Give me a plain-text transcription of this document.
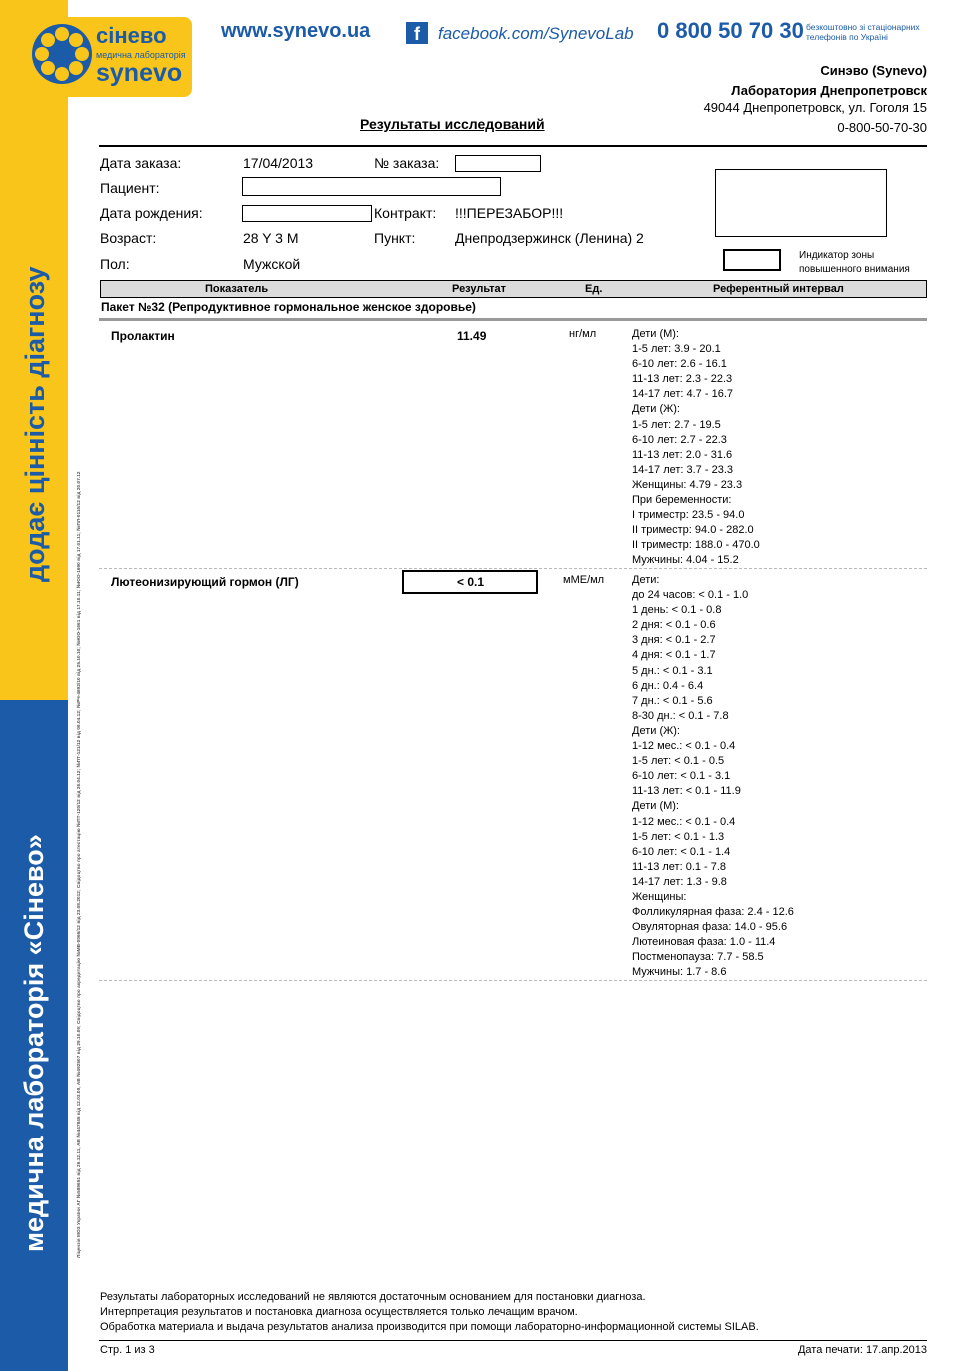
додає цінність діагнозу
медична лабораторія «Сінево»	Ліцензія МОЗ України АГ №589651 від 26.12.11, АВ №447845 від 12.03.09, АВ №492507 від 29.10.09; Свідоцтво про акредитацію №МВ-0066/12 від 23.08.2012; Свідоцтво про атестацію №ПТ-120/12 від 26.04.12; №ПТ-121/12 від 06.04.12; №РЧ-4692/10 від 25.10.10; №ЮО-1661 від 17.10.11; №ЮО-1690 від 17.01.11; №ПЛ-0110/12 від 20.07.12
сінево
медична лабораторія
synevo
www.synevo.ua	f	facebook.com/SynevoLab 0 800 50 70 30 безкоштовно зі стаціонарних телефонів по Україні
Синэво (Synevo)
Лаборатория Днепропетровск
49044 Днепропетровск, ул. Гоголя 15
0-800-50-70-30
Результаты исследований
Дата заказа:	17/04/2013	№ заказа:
Пациент:
Дата рождения:	Контракт: !!!ПЕРЕЗАБОР!!!
Возраст:	28 Y 3 M	Пункт:	Днепродзержинск (Ленина) 2
Пол:	Мужской
Индикатор зоны повышенного внимания
Показатель	Результат	Ед.	Референтный интервал
Пакет №32 (Репродуктивное гормональное женское здоровье)
Пролактин	11.49	нг/мл	Дети (М):
1-5 лет: 3.9 - 20.1
6-10 лет: 2.6 - 16.1
11-13 лет: 2.3 - 22.3
14-17 лет: 4.7 - 16.7
Дети (Ж):
1-5 лет: 2.7 - 19.5
6-10 лет: 2.7 - 22.3
11-13 лет: 2.0 - 31.6
14-17 лет: 3.7 - 23.3
Женщины: 4.79 - 23.3
При беременности:
I триместр: 23.5 - 94.0
II триместр: 94.0 - 282.0
II триместр: 188.0 - 470.0
Мужчины: 4.04 - 15.2
Лютеонизирующий гормон (ЛГ)	< 0.1	мМЕ/мл	Дети:
до 24 часов: < 0.1 - 1.0
1 день: < 0.1 - 0.8
2 дня: < 0.1 - 0.6
3 дня: < 0.1 - 2.7
4 дня: < 0.1 - 1.7
5 дн.: < 0.1 - 3.1
6 дн.: 0.4 - 6.4
7 дн.: < 0.1 - 5.6
8-30 дн.: < 0.1 - 7.8
Дети (Ж):
1-12 мес.: < 0.1 - 0.4
1-5 лет: < 0.1 - 0.5
6-10 лет: < 0.1 - 3.1
11-13 лет: < 0.1 - 11.9
Дети (М):
1-12 мес.: < 0.1 - 0.4
1-5 лет: < 0.1 - 1.3
6-10 лет: < 0.1 - 1.4
11-13 лет: 0.1 - 7.8
14-17 лет: 1.3 - 9.8
Женщины:
Фолликулярная фаза: 2.4 - 12.6
Овуляторная фаза: 14.0 - 95.6
Лютеиновая фаза: 1.0 - 11.4
Постменопауза: 7.7 - 58.5
Мужчины: 1.7 - 8.6
Результаты лабораторных исследований не являются достаточным основанием для постановки диагноза.
Интерпретация результатов и постановка диагноза осуществляется только лечащим врачом.
Обработка материала и выдача результатов анализа производится при помощи лабораторно-информационной системы SILAB.
Стр. 1 из 3	Дата печати: 17.апр.2013
